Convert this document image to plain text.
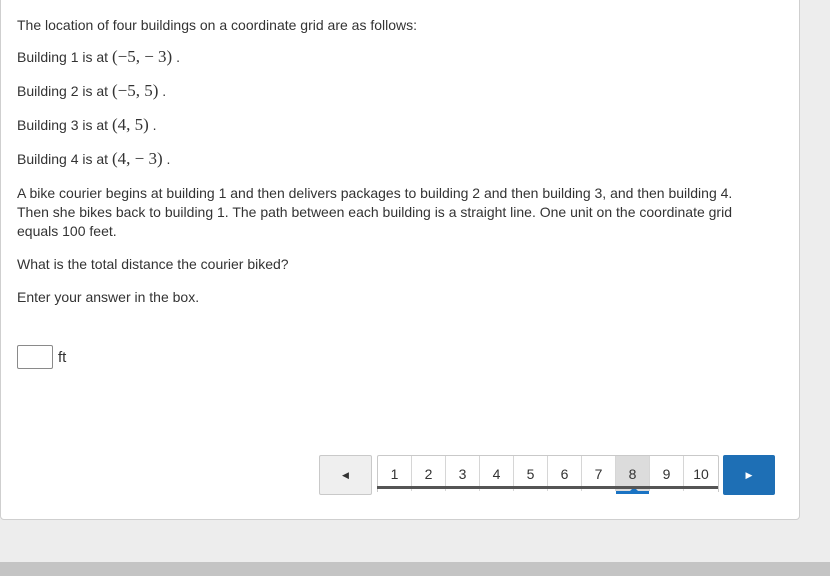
The location of four buildings on a coordinate grid are as follows:
Building 1 is at (−5, − 3) .
Building 2 is at (−5, 5) .
Building 3 is at (4, 5) .
Building 4 is at (4, − 3) .
A bike courier begins at building 1 and then delivers packages to building 2 and then building 3, and then building 4.
Then she bikes back to building 1. The path between each building is a straight line. One unit on the coordinate grid
equals 100 feet.
What is the total distance the courier biked?
Enter your answer in the box.
ft
◀	1	2	3	4	5	6	7	8	9	10	▶
